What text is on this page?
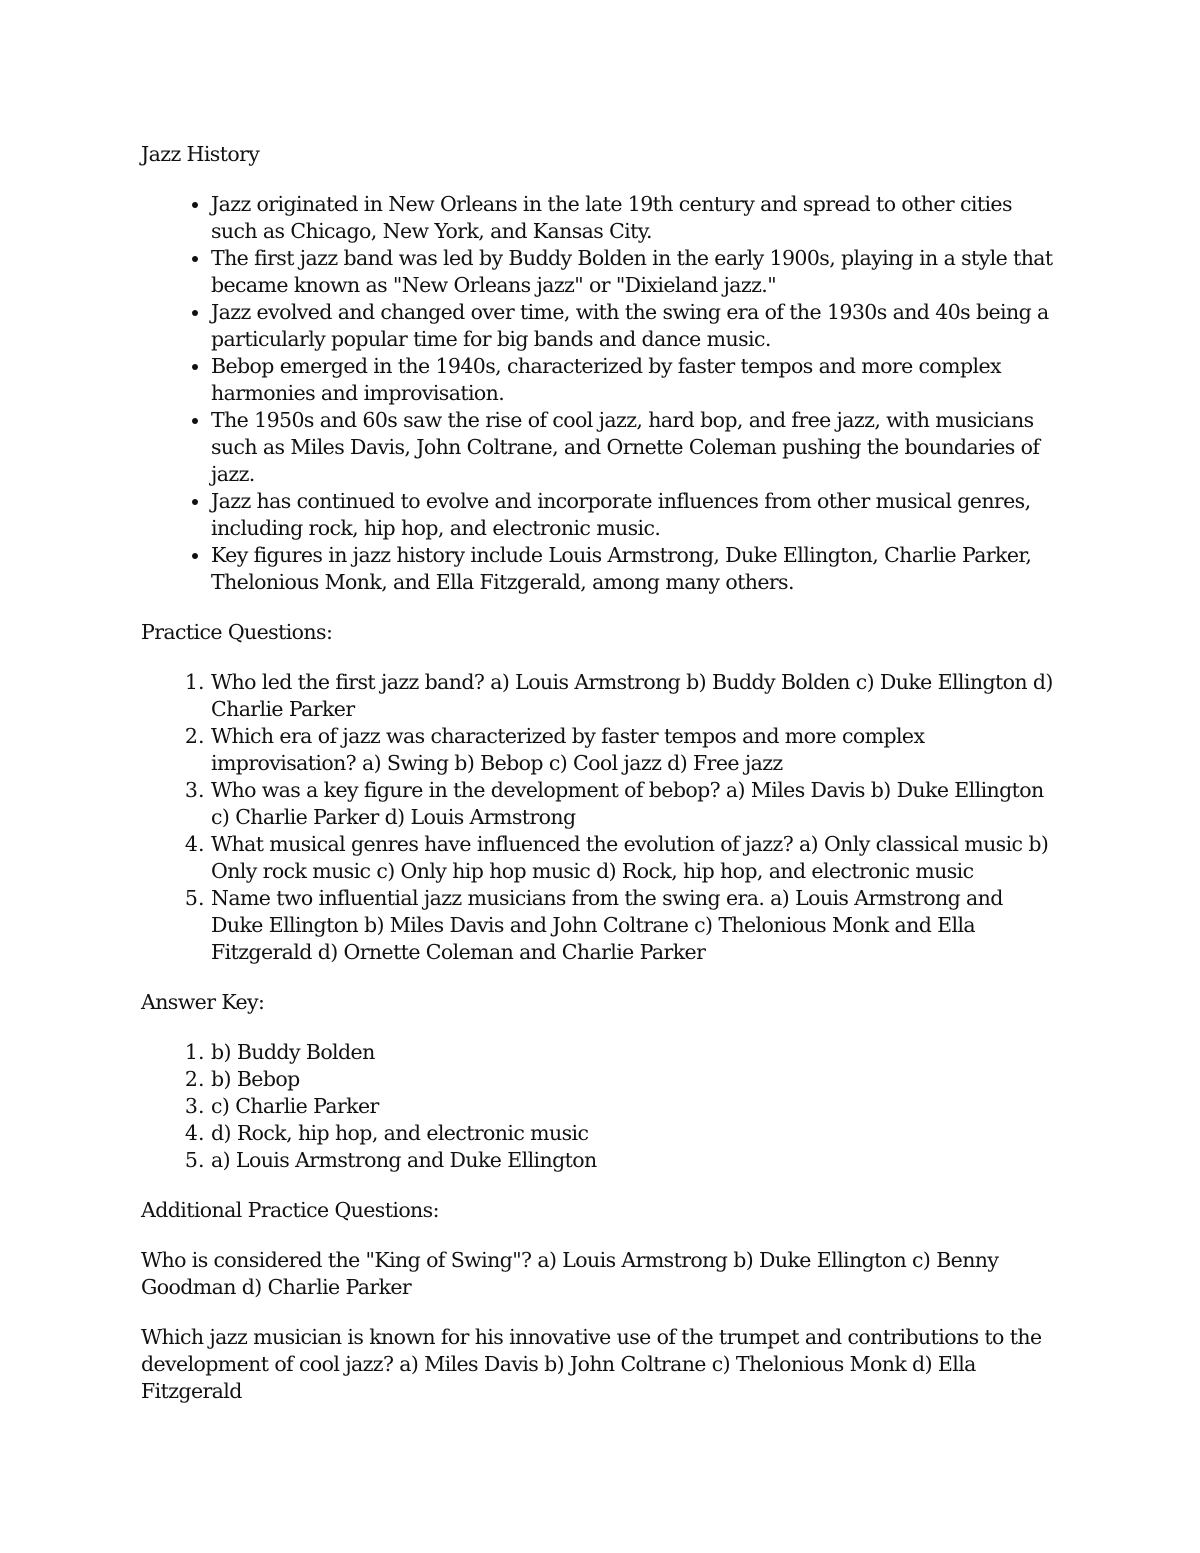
Jazz History

• Jazz originated in New Orleans in the late 19th century and spread to other cities such as Chicago, New York, and Kansas City.
• The first jazz band was led by Buddy Bolden in the early 1900s, playing in a style that became known as "New Orleans jazz" or "Dixieland jazz."
• Jazz evolved and changed over time, with the swing era of the 1930s and 40s being a particularly popular time for big bands and dance music.
• Bebop emerged in the 1940s, characterized by faster tempos and more complex harmonies and improvisation.
• The 1950s and 60s saw the rise of cool jazz, hard bop, and free jazz, with musicians such as Miles Davis, John Coltrane, and Ornette Coleman pushing the boundaries of jazz.
• Jazz has continued to evolve and incorporate influences from other musical genres, including rock, hip hop, and electronic music.
• Key figures in jazz history include Louis Armstrong, Duke Ellington, Charlie Parker, Thelonious Monk, and Ella Fitzgerald, among many others.

Practice Questions:

1. Who led the first jazz band? a) Louis Armstrong b) Buddy Bolden c) Duke Ellington d) Charlie Parker
2. Which era of jazz was characterized by faster tempos and more complex improvisation? a) Swing b) Bebop c) Cool jazz d) Free jazz
3. Who was a key figure in the development of bebop? a) Miles Davis b) Duke Ellington c) Charlie Parker d) Louis Armstrong
4. What musical genres have influenced the evolution of jazz? a) Only classical music b) Only rock music c) Only hip hop music d) Rock, hip hop, and electronic music
5. Name two influential jazz musicians from the swing era. a) Louis Armstrong and Duke Ellington b) Miles Davis and John Coltrane c) Thelonious Monk and Ella Fitzgerald d) Ornette Coleman and Charlie Parker

Answer Key:

1. b) Buddy Bolden
2. b) Bebop
3. c) Charlie Parker
4. d) Rock, hip hop, and electronic music
5. a) Louis Armstrong and Duke Ellington

Additional Practice Questions:

Who is considered the "King of Swing"? a) Louis Armstrong b) Duke Ellington c) Benny Goodman d) Charlie Parker

Which jazz musician is known for his innovative use of the trumpet and contributions to the development of cool jazz? a) Miles Davis b) John Coltrane c) Thelonious Monk d) Ella Fitzgerald
